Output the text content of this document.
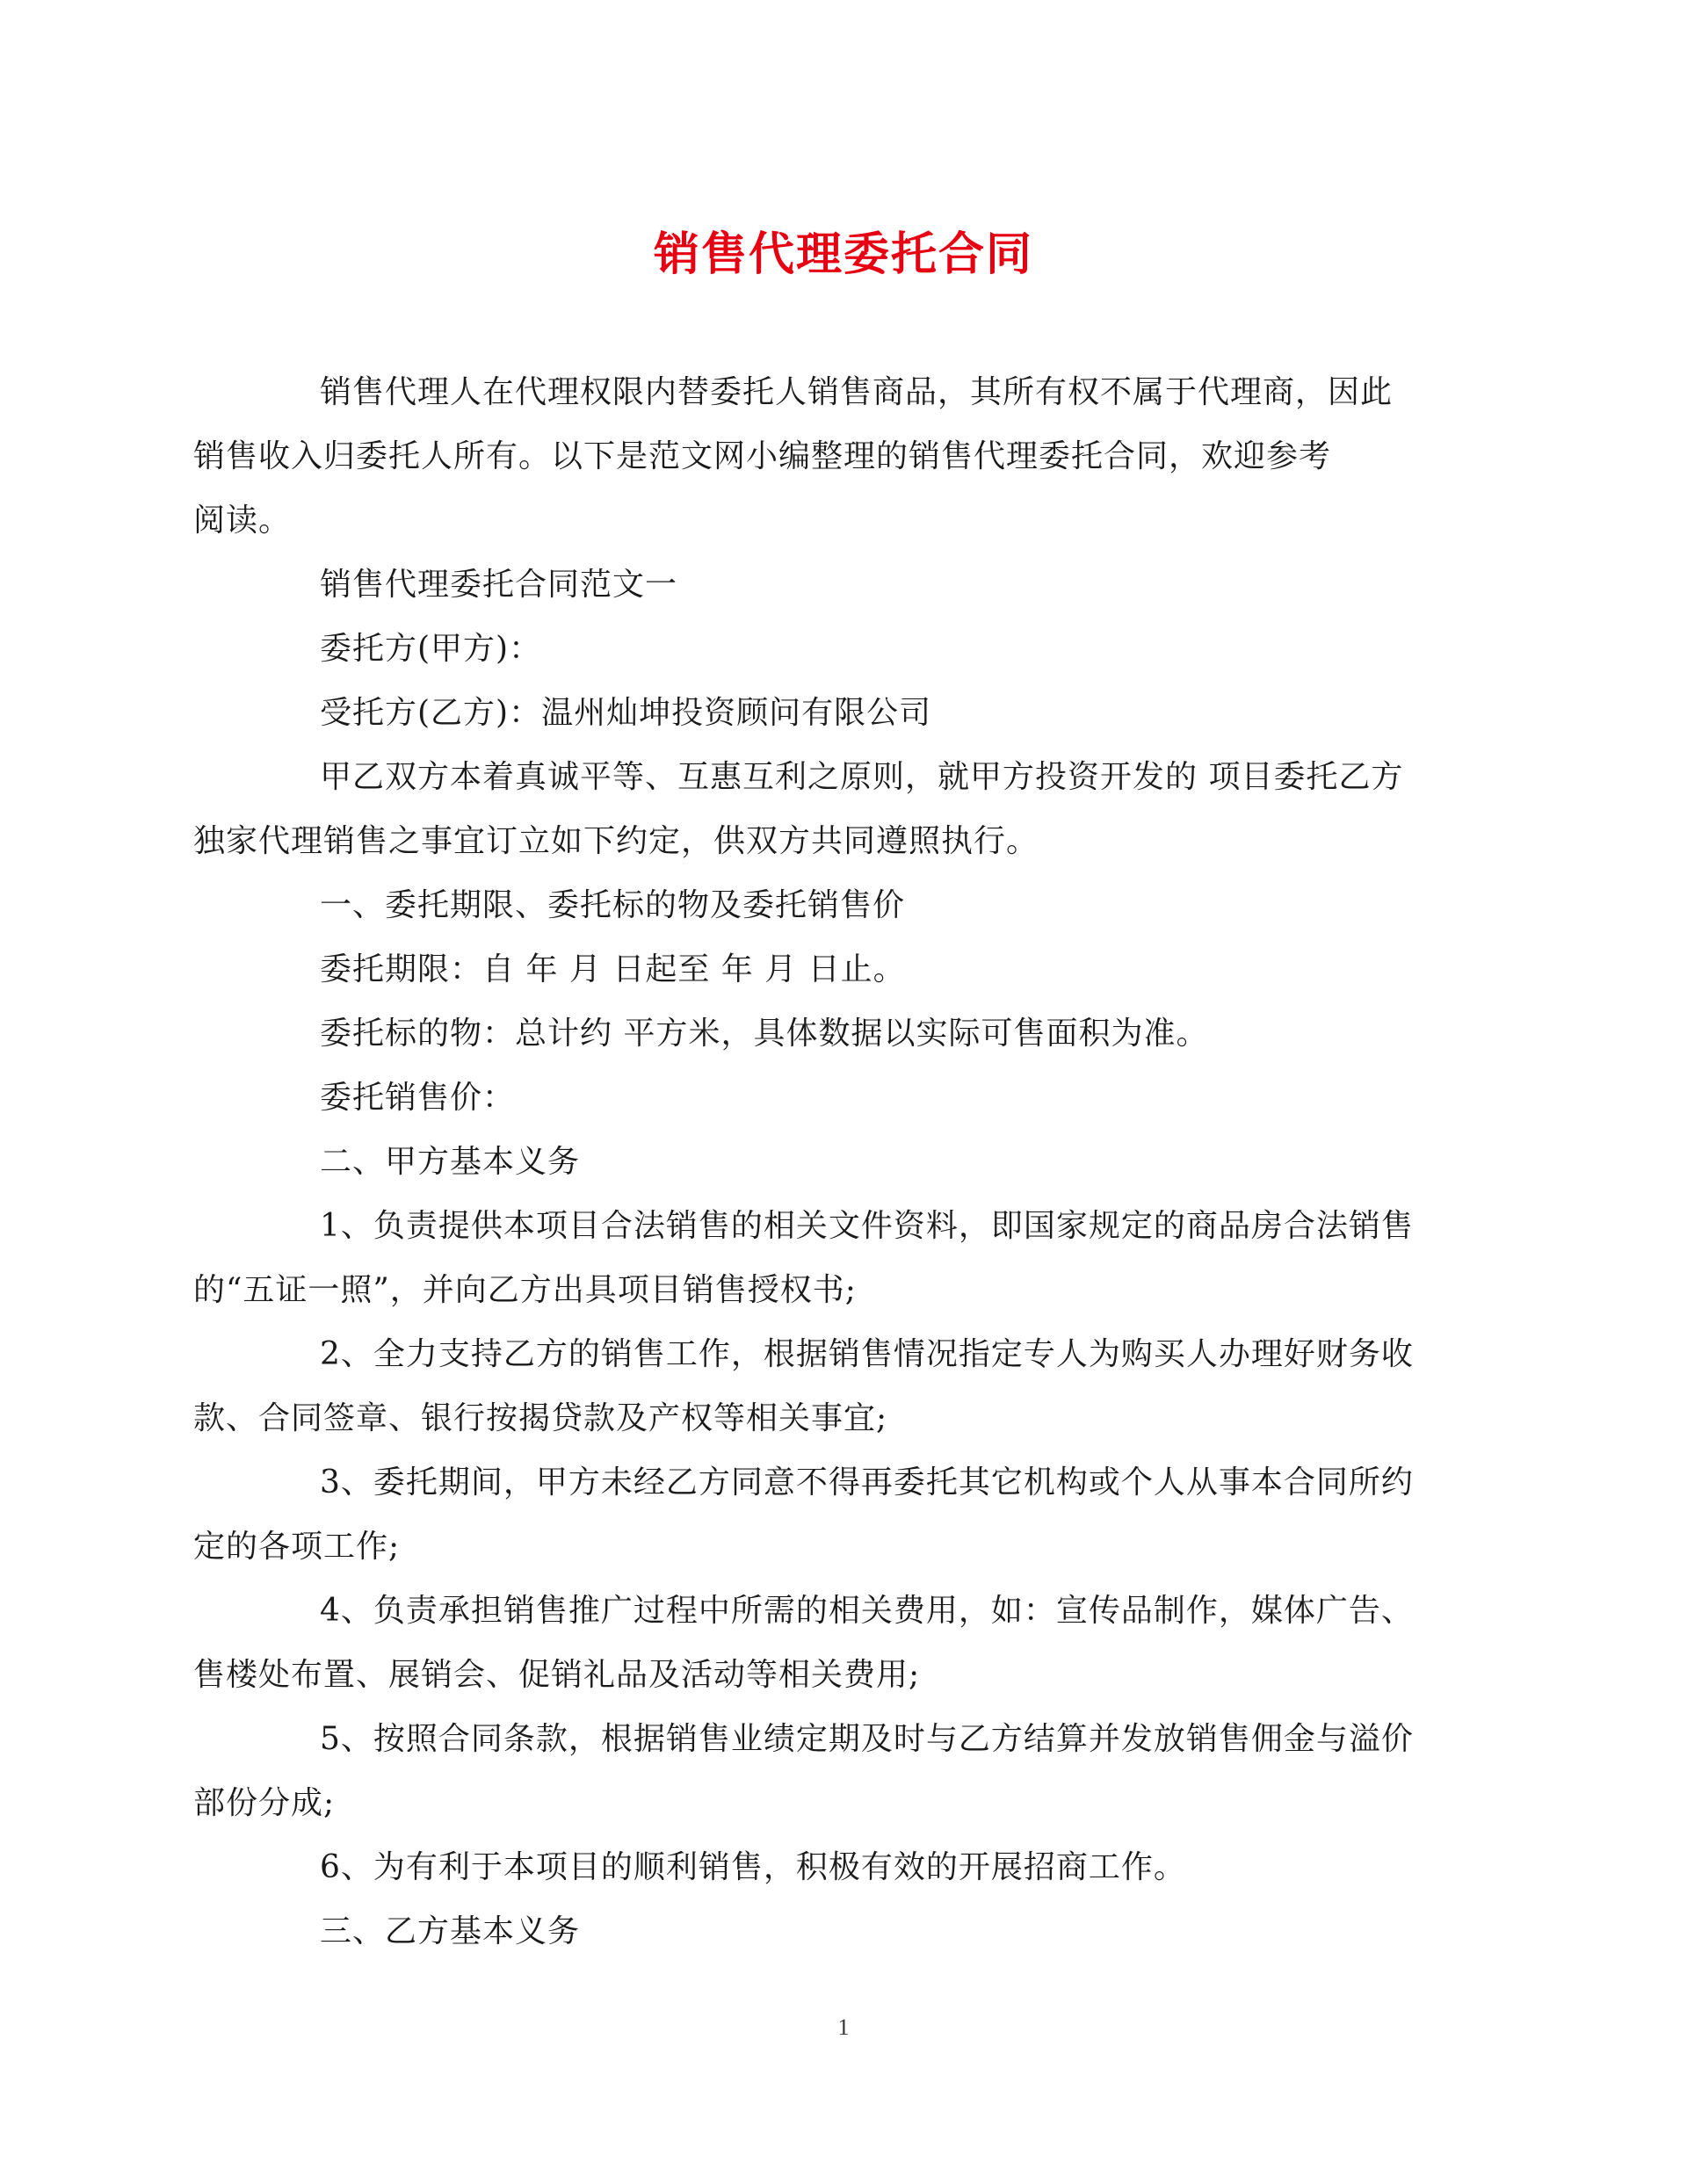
销售代理委托合同

销售代理人在代理权限内替委托人销售商品，其所有权不属于代理商，因此
销售收入归委托人所有。以下是范文网小编整理的销售代理委托合同，欢迎参考
阅读。

销售代理委托合同范文一

委托方(甲方)：

受托方(乙方)：温州灿坤投资顾问有限公司

甲乙双方本着真诚平等、互惠互利之原则，就甲方投资开发的 项目委托乙方
独家代理销售之事宜订立如下约定，供双方共同遵照执行。

一、委托期限、委托标的物及委托销售价

委托期限：自 年 月 日起至 年 月 日止。

委托标的物：总计约 平方米，具体数据以实际可售面积为准。

委托销售价：

二、甲方基本义务

1、负责提供本项目合法销售的相关文件资料，即国家规定的商品房合法销售
的“五证一照”，并向乙方出具项目销售授权书;

2、全力支持乙方的销售工作，根据销售情况指定专人为购买人办理好财务收
款、合同签章、银行按揭贷款及产权等相关事宜;

3、委托期间，甲方未经乙方同意不得再委托其它机构或个人从事本合同所约
定的各项工作;

4、负责承担销售推广过程中所需的相关费用，如：宣传品制作，媒体广告、
售楼处布置、展销会、促销礼品及活动等相关费用;

5、按照合同条款，根据销售业绩定期及时与乙方结算并发放销售佣金与溢价
部份分成;

6、为有利于本项目的顺利销售，积极有效的开展招商工作。

三、乙方基本义务

1
